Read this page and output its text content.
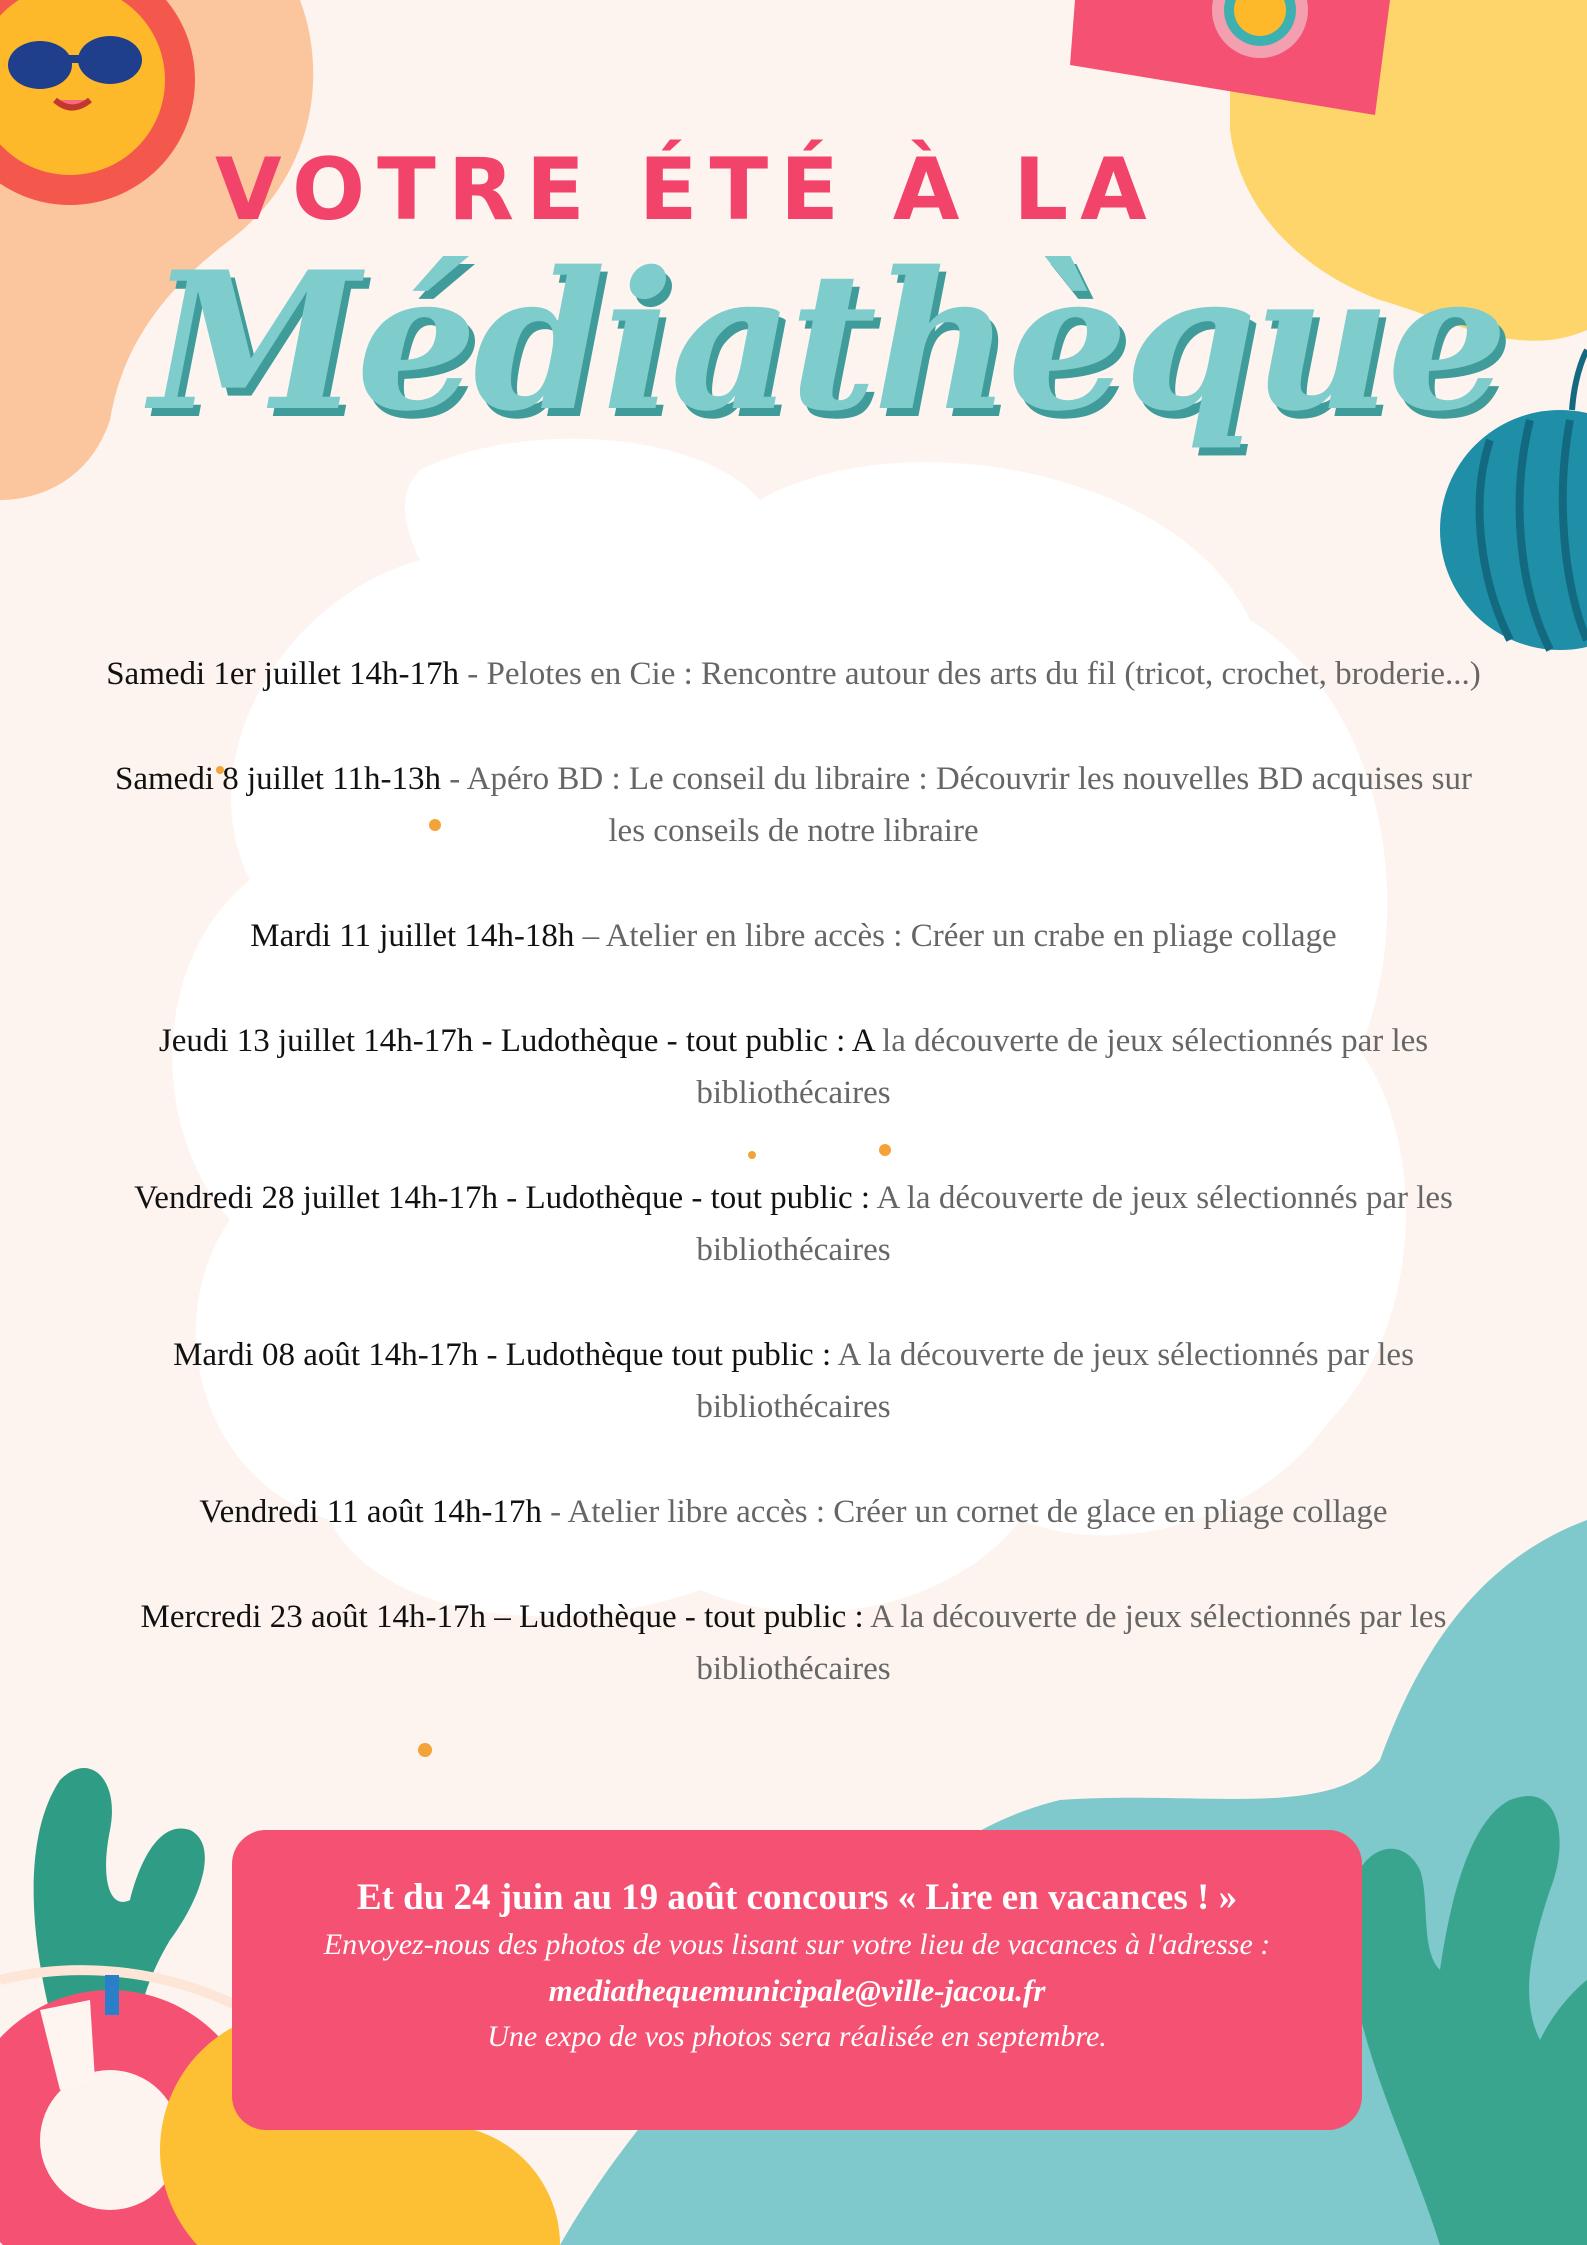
VOTRE ÉTÉ À LA
Médiathèque
Samedi 1er juillet 14h-17h - Pelotes en Cie : Rencontre autour des arts du fil (tricot, crochet, broderie...)
Samedi 8 juillet 11h-13h - Apéro BD : Le conseil du libraire : Découvrir les nouvelles BD acquises sur les conseils de notre libraire
Mardi 11 juillet 14h-18h – Atelier en libre accès : Créer un crabe en pliage collage
Jeudi 13 juillet 14h-17h - Ludothèque - tout public : A la découverte de jeux sélectionnés par les bibliothécaires
Vendredi 28 juillet 14h-17h - Ludothèque - tout public : A la découverte de jeux sélectionnés par les bibliothécaires
Mardi 08 août 14h-17h - Ludothèque tout public : A la découverte de jeux sélectionnés par les bibliothécaires
Vendredi 11 août 14h-17h - Atelier libre accès : Créer un cornet de glace en pliage collage
Mercredi 23 août 14h-17h – Ludothèque - tout public : A la découverte de jeux sélectionnés par les bibliothécaires
Et du 24 juin au 19 août concours « Lire en vacances ! »
Envoyez-nous des photos de vous lisant sur votre lieu de vacances à l'adresse :
mediathequemunicipale@ville-jacou.fr
Une expo de vos photos sera réalisée en septembre.
